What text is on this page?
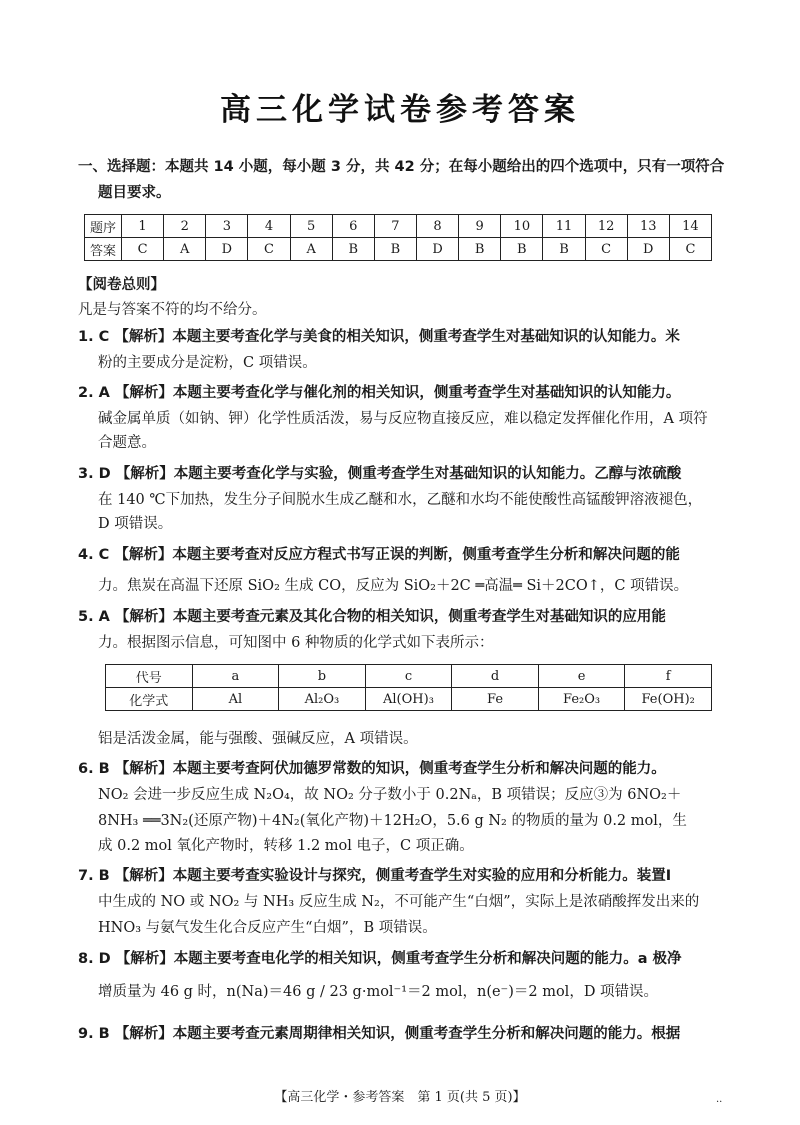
高三化学试卷参考答案
一、选择题：本题共 14 小题，每小题 3 分，共 42 分；在每小题给出的四个选项中，只有一项符合
题目要求。
题序	1	2	3	4	5	6	7	8	9	10	11	12	13	14
答案	C	A	D	C	A	B	B	D	B	B	B	C	D	C
【阅卷总则】
凡是与答案不符的均不给分。
1. C 【解析】本题主要考查化学与美食的相关知识，侧重考查学生对基础知识的认知能力。米
粉的主要成分是淀粉，C 项错误。
2. A 【解析】本题主要考查化学与催化剂的相关知识，侧重考查学生对基础知识的认知能力。
碱金属单质（如钠、钾）化学性质活泼，易与反应物直接反应，难以稳定发挥催化作用，A 项符
合题意。
3. D 【解析】本题主要考查化学与实验，侧重考查学生对基础知识的认知能力。乙醇与浓硫酸
在 140 ℃下加热，发生分子间脱水生成乙醚和水，乙醚和水均不能使酸性高锰酸钾溶液褪色，
D 项错误。
4. C 【解析】本题主要考查对反应方程式书写正误的判断，侧重考查学生分析和解决问题的能
力。焦炭在高温下还原 SiO₂ 生成 CO，反应为 SiO₂＋2C ═高温═ Si＋2CO↑，C 项错误。
5. A 【解析】本题主要考查元素及其化合物的相关知识，侧重考查学生对基础知识的应用能
力。根据图示信息，可知图中 6 种物质的化学式如下表所示：
代号	a	b	c	d	e	f
化学式	Al	Al₂O₃	Al(OH)₃	Fe	Fe₂O₃	Fe(OH)₂
铝是活泼金属，能与强酸、强碱反应，A 项错误。
6. B 【解析】本题主要考查阿伏加德罗常数的知识，侧重考查学生分析和解决问题的能力。
NO₂ 会进一步反应生成 N₂O₄，故 NO₂ 分子数小于 0.2Nₐ，B 项错误；反应③为 6NO₂＋
8NH₃ ══3N₂(还原产物)＋4N₂(氧化产物)＋12H₂O，5.6 g N₂ 的物质的量为 0.2 mol，生
成 0.2 mol 氧化产物时，转移 1.2 mol 电子，C 项正确。
7. B 【解析】本题主要考查实验设计与探究，侧重考查学生对实验的应用和分析能力。装置Ⅰ
中生成的 NO 或 NO₂ 与 NH₃ 反应生成 N₂，不可能产生“白烟”，实际上是浓硝酸挥发出来的
HNO₃ 与氨气发生化合反应产生“白烟”，B 项错误。
8. D 【解析】本题主要考查电化学的相关知识，侧重考查学生分析和解决问题的能力。a 极净
增质量为 46 g 时，n(Na)＝46 g / 23 g·mol⁻¹＝2 mol，n(e⁻)＝2 mol，D 项错误。
9. B 【解析】本题主要考查元素周期律相关知识，侧重考查学生分析和解决问题的能力。根据
【高三化学・参考答案　第 1 页(共 5 页)】	..
